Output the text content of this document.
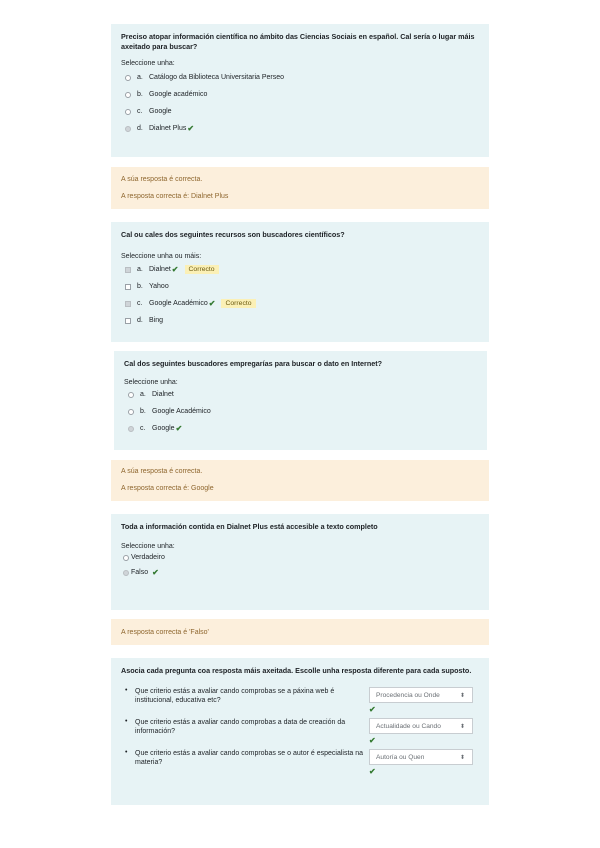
Preciso atopar información científica no ámbito das Ciencias Sociais en español. Cal sería o lugar máis axeitado para buscar?
Seleccione unha:
a. Catálogo da Biblioteca Universitaria Perseo
b. Google académico
c. Google
d. Dialnet Plus ✔
A súa resposta é correcta.
A resposta correcta é: Dialnet Plus
Cal ou cales dos seguintes recursos son buscadores científicos?
Seleccione unha ou máis:
a. Dialnet ✔	Correcto
b. Yahoo
c. Google Académico ✔	Correcto
d. Bing
Cal dos seguintes buscadores empregarías para buscar o dato en Internet?
Seleccione unha:
a. Dialnet
b. Google Académico
c. Google ✔
A súa resposta é correcta.
A resposta correcta é: Google
Toda a información contida en Dialnet Plus está accesible a texto completo
Seleccione unha:
Verdadeiro
Falso ✔
A resposta correcta é 'Falso'
Asocia cada pregunta coa resposta máis axeitada. Escolle unha resposta diferente para cada suposto.
• Que criterio estás a avaliar cando comprobas se a páxina web é institucional, educativa etc?
Procedencia ou Onde	⬍
✔
• Que criterio estás a avaliar cando comprobas a data de creación da información?
Actualidade ou Cando	⬍
✔
• Que criterio estás a avaliar cando comprobas se o autor é especialista na materia?
Autoría ou Quen	⬍
✔
